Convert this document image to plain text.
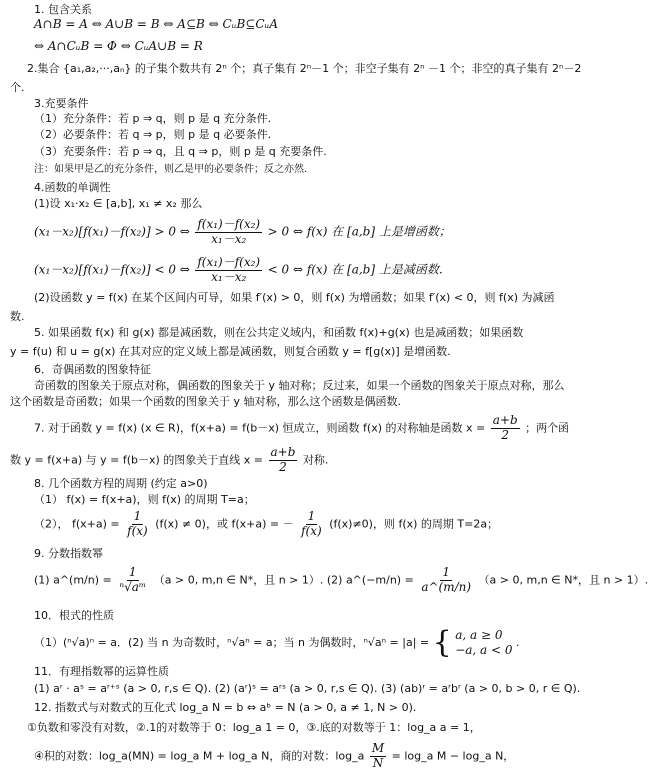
1. 包含关系
A∩B = A ⇔ A∪B = B ⇔ A⊆B ⇔ CᵤB⊆CᵤA
⇔ A∩CᵤB = Φ ⇔ CᵤA∪B = R
2.集合 {a₁,a₂,···,aₙ} 的子集个数共有 2ⁿ 个；真子集有 2ⁿ－1 个；非空子集有 2ⁿ －1 个；非空的真子集有 2ⁿ－2
个.
3.充要条件
（1）充分条件：若 p ⇒ q，则 p 是 q 充分条件.
（2）必要条件：若 q ⇒ p，则 p 是 q 必要条件.
（3）充要条件：若 p ⇒ q，且 q ⇒ p，则 p 是 q 充要条件.
注：如果甲是乙的充分条件，则乙是甲的必要条件；反之亦然.
4.函数的单调性
(1)设 x₁·x₂ ∈ [a,b], x₁ ≠ x₂ 那么
(x₁－x₂)[f(x₁)－f(x₂)] > 0 ⇔ $\frac{\text{f(x₁)－f(x₂)}}{\text{x₁－x₂}} > 0$ ⇔ f(x) 在 [a,b] 上是增函数；
(x₁－x₂)[f(x₁)－f(x₂)] < 0 ⇔ $\frac{\text{f(x₁)－f(x₂)}}{\text{x₁－x₂}} < 0$ ⇔ f(x) 在 [a,b] 上是减函数.
(2)设函数 y = f(x) 在某个区间内可导，如果 f′(x) > 0，则 f(x) 为增函数；如果 f′(x) < 0，则 f(x) 为减函
数.
5. 如果函数 f(x) 和 g(x) 都是减函数，则在公共定义域内，和函数 f(x)+g(x) 也是减函数；如果函数
y = f(u) 和 u = g(x) 在其对应的定义域上都是减函数，则复合函数 y = f[g(x)] 是增函数.
6．奇偶函数的图象特征
奇函数的图象关于原点对称，偶函数的图象关于 y 轴对称；反过来，如果一个函数的图象关于原点对称，那么
这个函数是奇函数；如果一个函数的图象关于 y 轴对称，那么这个函数是偶函数.
7. 对于函数 y = f(x) (x ∈ R)，f(x+a) = f(b－x) 恒成立，则函数 f(x) 的对称轴是函数 $x = \frac{a+b}{2}$ ；两个函
数 y = f(x+a) 与 y = f(b－x) 的图象关于直线 $x = \frac{a+b}{2}$ 对称.
8. 几个函数方程的周期 (约定 a>0)
（1） f(x) = f(x+a)，则 f(x) 的周期 T=a；
（2）， $f(x+a) = \frac{1}{f(x)} (f(x) \ne 0)$，或 f(x+a) = － $\frac{1}{f(x)} (f(x)\ne 0)$，则 f(x) 的周期 T=2a；
9. 分数指数幂
(1) a^(m/n) = $\frac{1}{\text{ⁿ√aᵐ}} (a > 0$, m,n ∈ N*，且 n > 1）. (2) a^(−m/n) = $\frac{1}{a\^{}(m/n)} (a > 0$, m,n ∈ N*，且 n > 1）.
10．根式的性质
（1）(ⁿ√a)ⁿ = a．(2) 当 n 为奇数时，ⁿ√aⁿ = a；当 n 为偶数时，ⁿ√aⁿ = |a| = { a, a ≥ 0
−a, a < 0
.
11．有理指数幂的运算性质
(1) aʳ · aˢ = aʳ⁺ˢ (a > 0, r,s ∈ Q). (2) (aʳ)ˢ = aʳˢ (a > 0, r,s ∈ Q). (3) (ab)ʳ = aʳbʳ (a > 0, b > 0, r ∈ Q).
12. 指数式与对数式的互化式 log_a N = b ⇔ aᵇ = N (a > 0, a ≠ 1, N > 0).
①负数和零没有对数，②.1的对数等于 0：log_a 1 = 0，③.底的对数等于 1：log_a a = 1，
④积的对数：log_a(MN) = log_a M + log_a N，商的对数：log_a $\frac{M}{N}$ = log_a M − log_a N，
